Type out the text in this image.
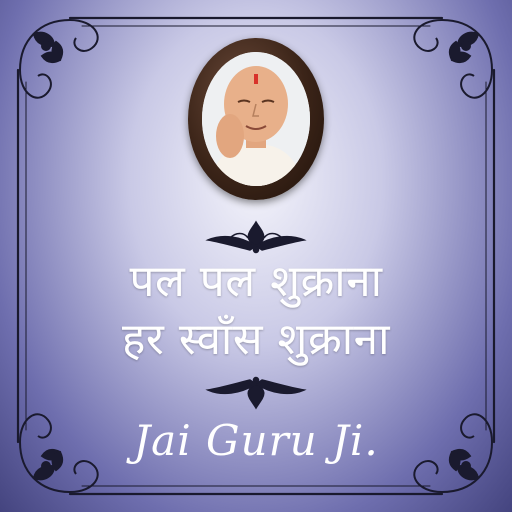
पल पल शुक्राना
हर स्वाँस शुक्राना
Jai Guru Ji.
